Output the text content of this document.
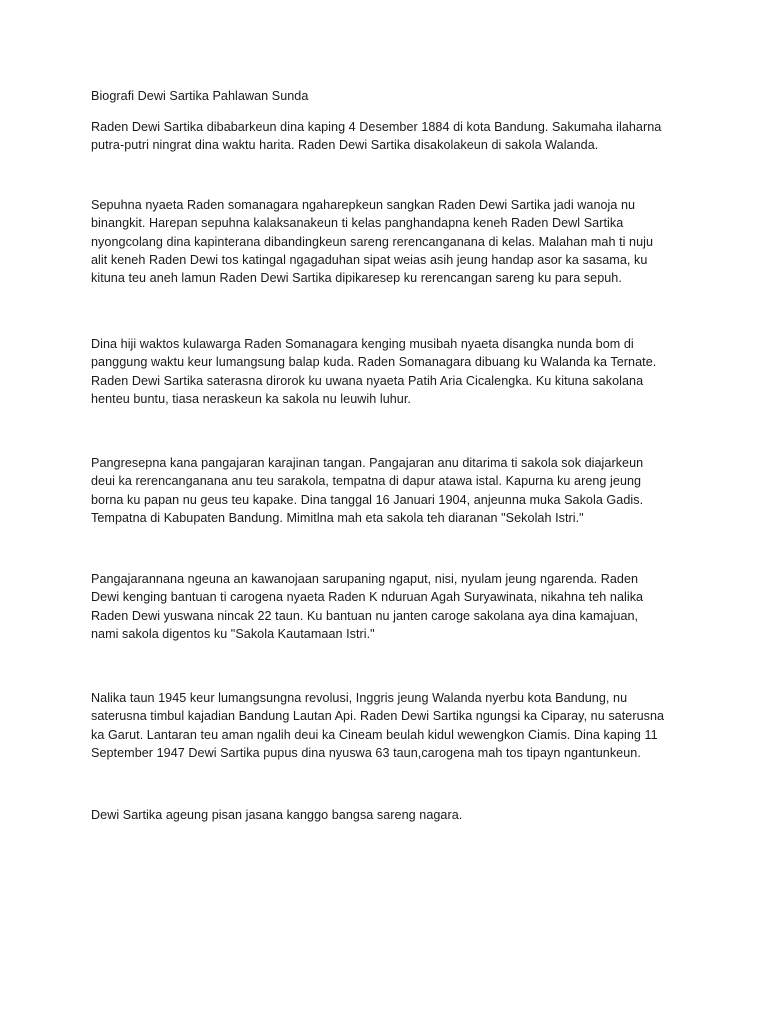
Biografi Dewi Sartika Pahlawan Sunda
Raden Dewi Sartika dibabarkeun dina kaping 4 Desember 1884 di kota Bandung. Sakumaha ilaharna
putra-putri ningrat dina waktu harita. Raden Dewi Sartika disakolakeun di sakola Walanda.
Sepuhna nyaeta Raden somanagara ngaharepkeun sangkan Raden Dewi Sartika jadi wanoja nu
binangkit. Harepan sepuhna kalaksanakeun ti kelas panghandapna keneh Raden Dewl Sartika
nyongcolang dina kapinterana dibandingkeun sareng rerencanganana di kelas. Malahan mah ti nuju
alit keneh Raden Dewi tos katingal ngagaduhan sipat weias asih jeung handap asor ka sasama, ku
kituna teu aneh lamun Raden Dewi Sartika dipikaresep ku rerencangan sareng ku para sepuh.
Dina hiji waktos kulawarga Raden Somanagara kenging musibah nyaeta disangka nunda bom di
panggung waktu keur lumangsung balap kuda. Raden Somanagara dibuang ku Walanda ka Ternate.
Raden Dewi Sartika saterasna dirorok ku uwana nyaeta Patih Aria Cicalengka. Ku kituna sakolana
henteu buntu, tiasa neraskeun ka sakola nu leuwih luhur.
Pangresepna kana pangajaran karajinan tangan. Pangajaran anu ditarima ti sakola sok diajarkeun
deui ka rerencanganana anu teu sarakola, tempatna di dapur atawa istal. Kapurna ku areng jeung
borna ku papan nu geus teu kapake. Dina tanggal 16 Januari 1904, anjeunna muka Sakola Gadis.
Tempatna di Kabupaten Bandung. Mimitlna mah eta sakola teh diaranan "Sekolah Istri."
Pangajarannana ngeuna an kawanojaan sarupaning ngaput, nisi, nyulam jeung ngarenda. Raden
Dewi kenging bantuan ti carogena nyaeta Raden K nduruan Agah Suryawinata, nikahna teh nalika
Raden Dewi yuswana nincak 22 taun. Ku bantuan nu janten caroge sakolana aya dina kamajuan,
nami sakola digentos ku "Sakola Kautamaan Istri."
Nalika taun 1945 keur lumangsungna revolusi, Inggris jeung Walanda nyerbu kota Bandung, nu
saterusna timbul kajadian Bandung Lautan Api. Raden Dewi Sartika ngungsi ka Ciparay, nu saterusna
ka Garut. Lantaran teu aman ngalih deui ka Cineam beulah kidul wewengkon Ciamis. Dina kaping 11
September 1947 Dewi Sartika pupus dina nyuswa 63 taun,carogena mah tos tipayn ngantunkeun.
Dewi Sartika ageung pisan jasana kanggo bangsa sareng nagara.
